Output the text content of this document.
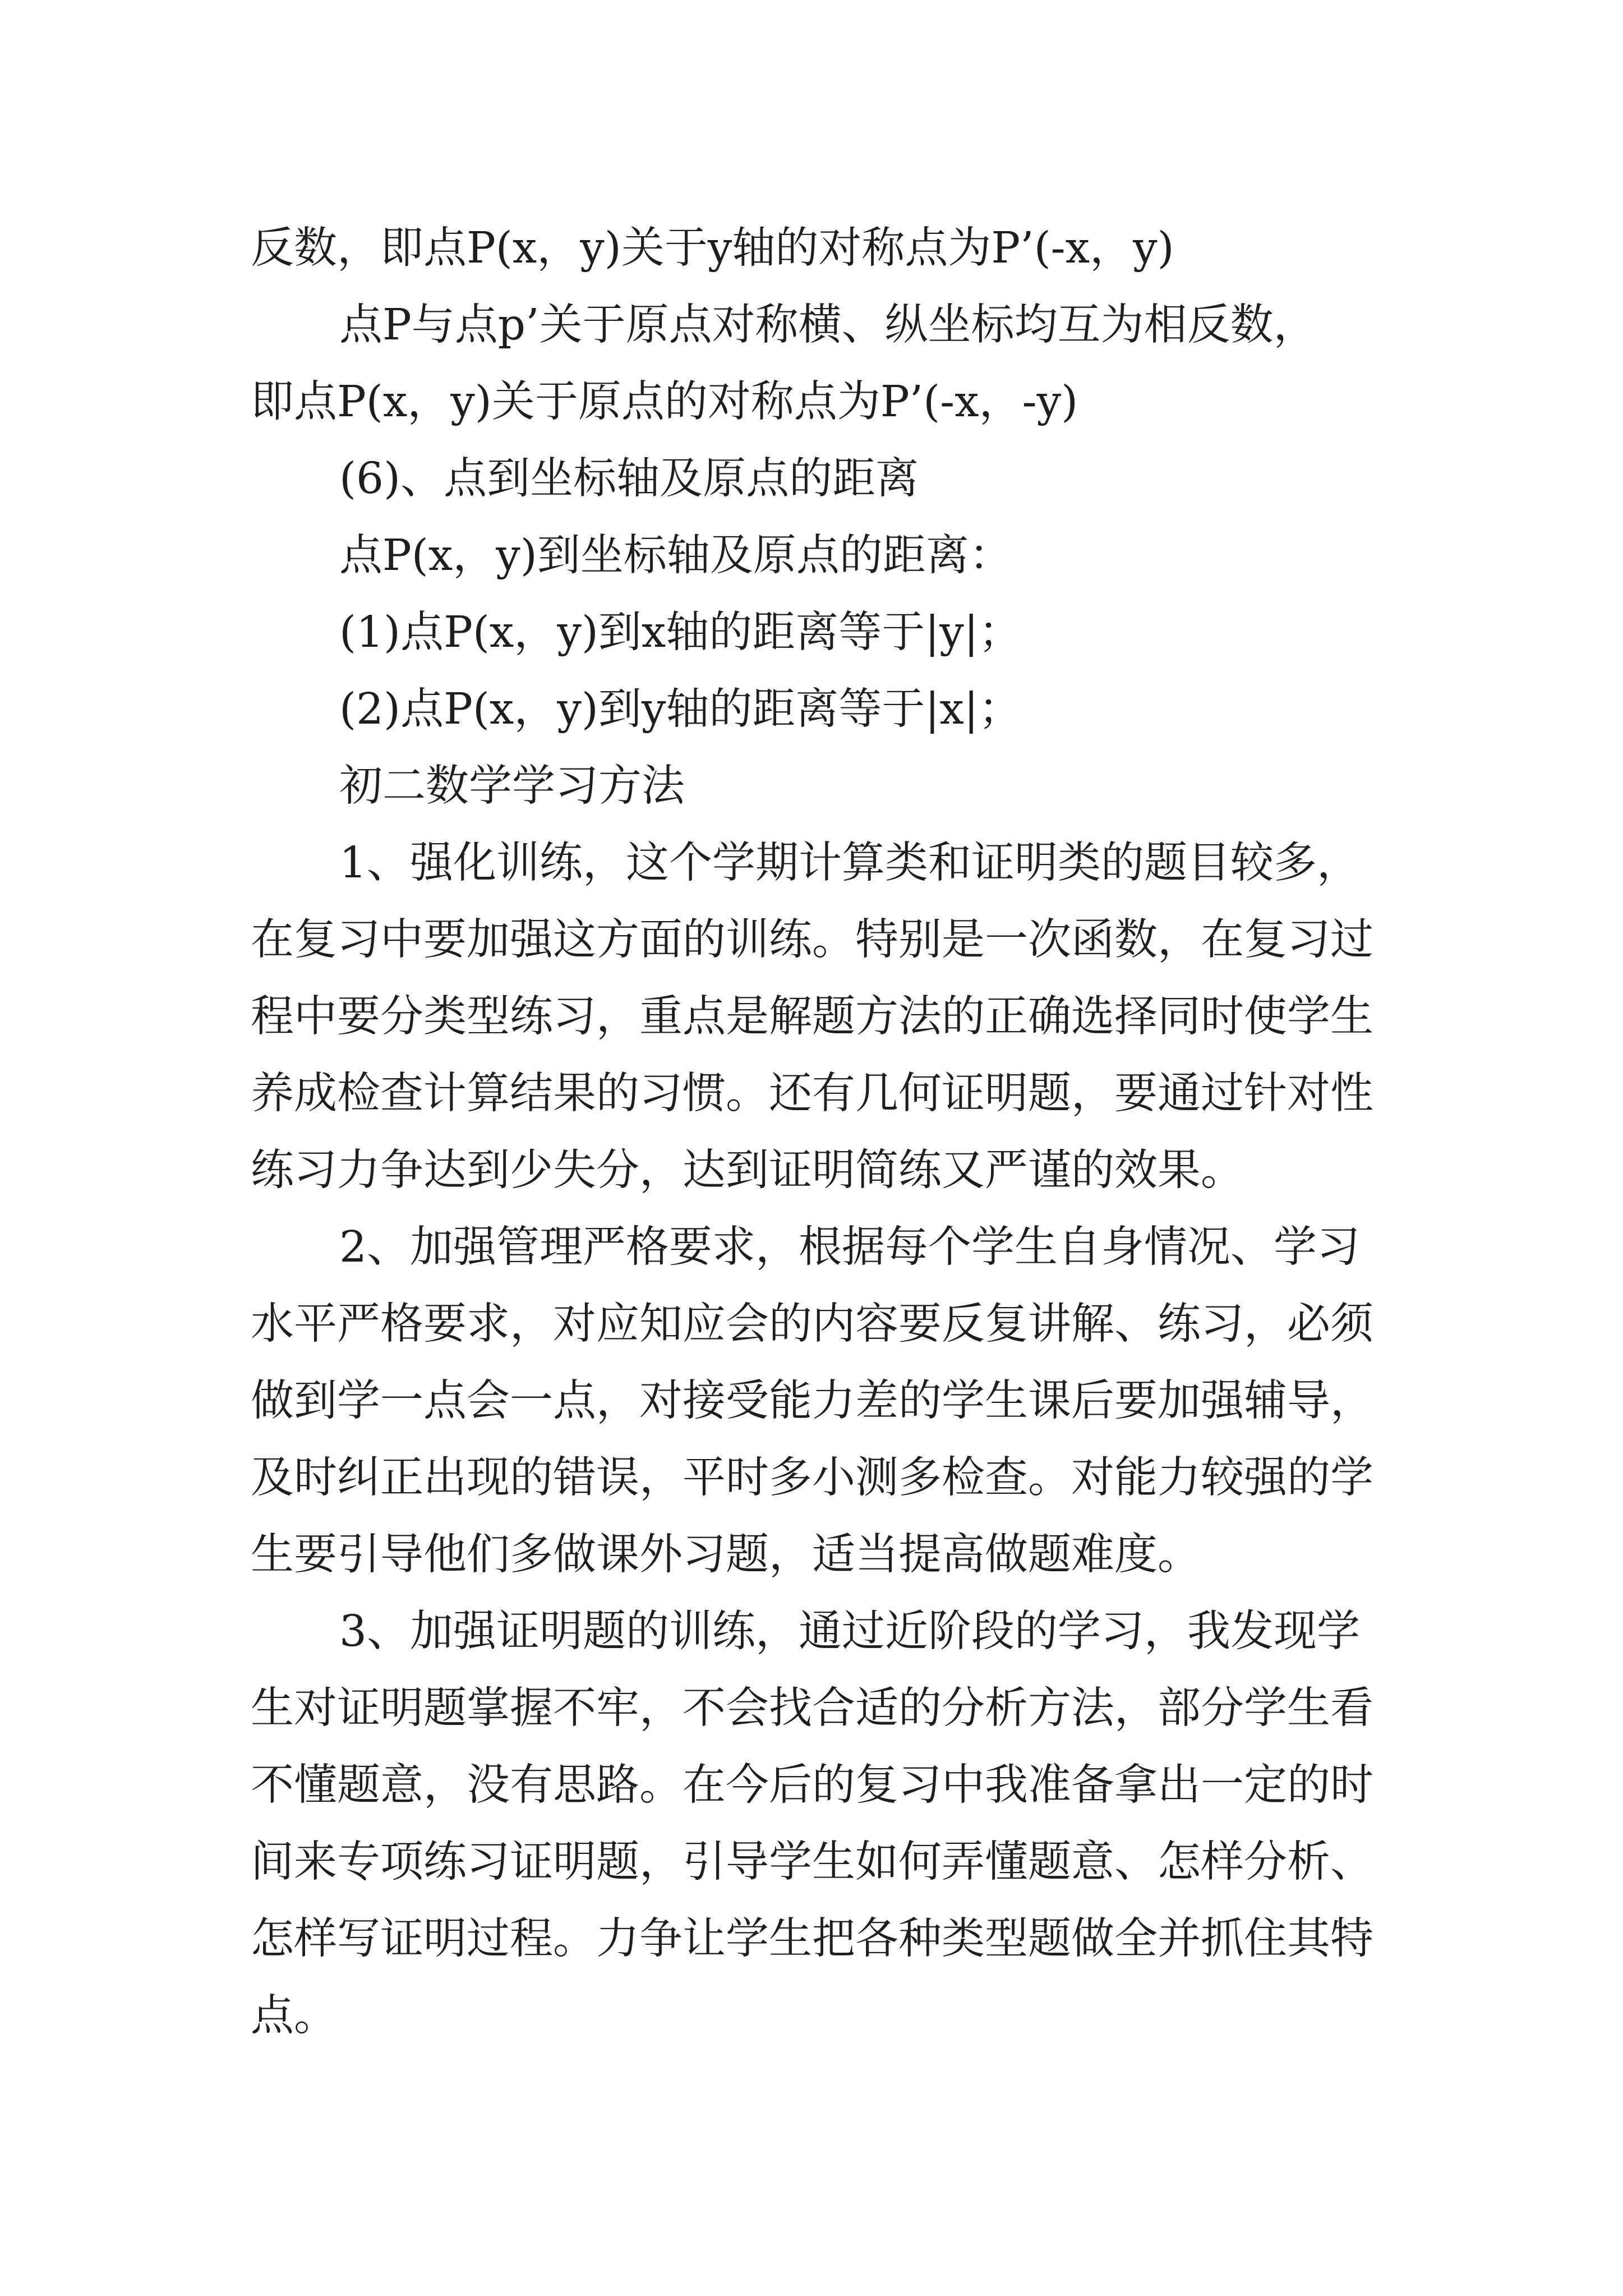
反数，即点P(x，y)关于y轴的对称点为P’(-x，y)
点P与点p’关于原点对称横、纵坐标均互为相反数，
即点P(x，y)关于原点的对称点为P’(-x，-y)
(6)、点到坐标轴及原点的距离
点P(x，y)到坐标轴及原点的距离：
(1)点P(x，y)到x轴的距离等于|y|；
(2)点P(x，y)到y轴的距离等于|x|；
初二数学学习方法
1、强化训练，这个学期计算类和证明类的题目较多，
在复习中要加强这方面的训练。特别是一次函数，在复习过
程中要分类型练习，重点是解题方法的正确选择同时使学生
养成检查计算结果的习惯。还有几何证明题，要通过针对性
练习力争达到少失分，达到证明简练又严谨的效果。
2、加强管理严格要求，根据每个学生自身情况、学习
水平严格要求，对应知应会的内容要反复讲解、练习，必须
做到学一点会一点，对接受能力差的学生课后要加强辅导，
及时纠正出现的错误，平时多小测多检查。对能力较强的学
生要引导他们多做课外习题，适当提高做题难度。
3、加强证明题的训练，通过近阶段的学习，我发现学
生对证明题掌握不牢，不会找合适的分析方法，部分学生看
不懂题意，没有思路。在今后的复习中我准备拿出一定的时
间来专项练习证明题，引导学生如何弄懂题意、怎样分析、
怎样写证明过程。力争让学生把各种类型题做全并抓住其特
点。
